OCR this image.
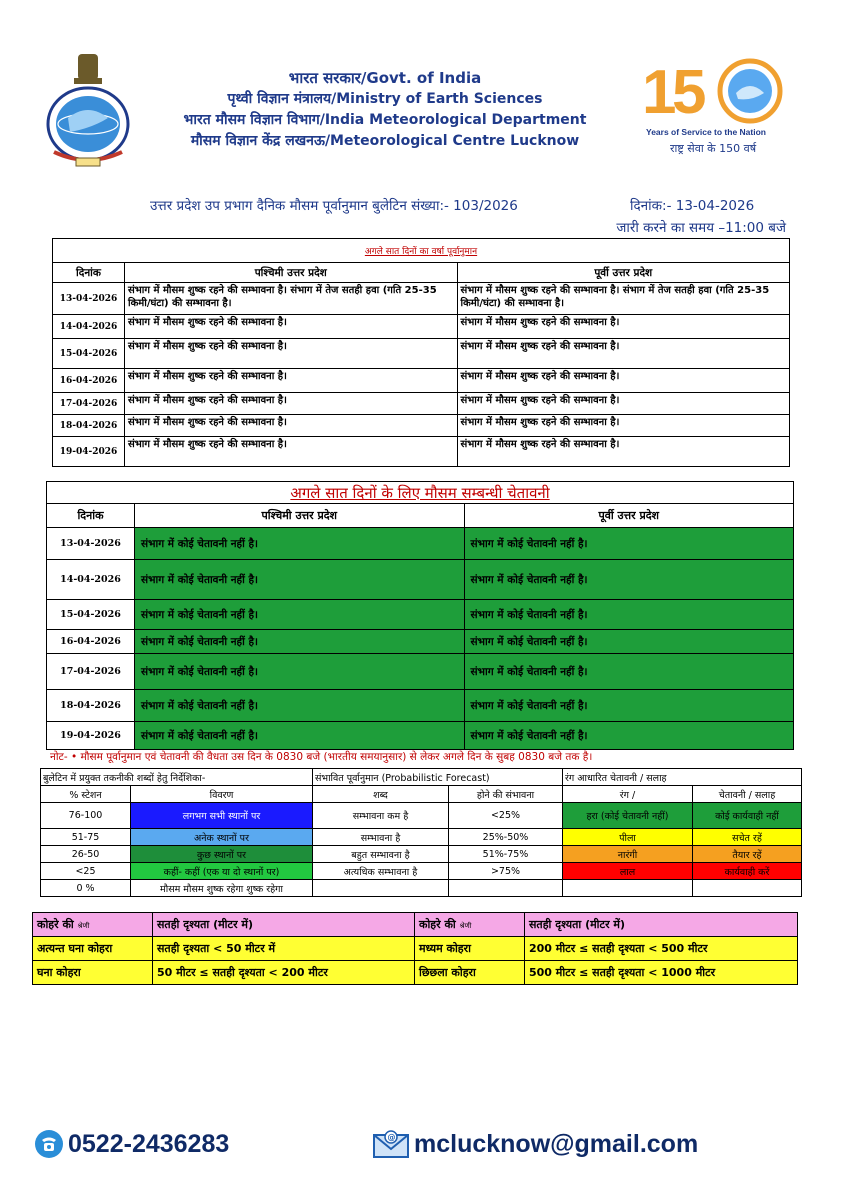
भारत सरकार/Govt. of India
पृथ्वी विज्ञान मंत्रालय/Ministry of Earth Sciences
भारत मौसम विज्ञान विभाग/India Meteorological Department
मौसम विज्ञान केंद्र लखनऊ/Meteorological Centre Lucknow
1
5
Years of Service to the Nation
राष्ट्र सेवा के 150 वर्ष
उत्तर प्रदेश उप प्रभाग दैनिक मौसम पूर्वानुमान बुलेटिन संख्या:- 103/2026	दिनांक:- 13-04-2026
जारी करने का समय –11:00 बजे
अगले सात दिनों का वर्षा पूर्वानुमान		
दिनांक	पश्चिमी उत्तर प्रदेश	पूर्वी उत्तर प्रदेश
13-04-2026	संभाग में मौसम शुष्क रहने की सम्भावना है। संभाग में तेज सतही हवा (गति 25-35 किमी/घंटा) की सम्भावना है।	संभाग में मौसम शुष्क रहने की सम्भावना है। संभाग में तेज सतही हवा (गति 25-35 किमी/घंटा) की सम्भावना है।
14-04-2026	संभाग में मौसम शुष्क रहने की सम्भावना है।	संभाग में मौसम शुष्क रहने की सम्भावना है।
15-04-2026	संभाग में मौसम शुष्क रहने की सम्भावना है।	संभाग में मौसम शुष्क रहने की सम्भावना है।
16-04-2026	संभाग में मौसम शुष्क रहने की सम्भावना है।	संभाग में मौसम शुष्क रहने की सम्भावना है।
17-04-2026	संभाग में मौसम शुष्क रहने की सम्भावना है।	संभाग में मौसम शुष्क रहने की सम्भावना है।
18-04-2026	संभाग में मौसम शुष्क रहने की सम्भावना है।	संभाग में मौसम शुष्क रहने की सम्भावना है।
19-04-2026	संभाग में मौसम शुष्क रहने की सम्भावना है।	संभाग में मौसम शुष्क रहने की सम्भावना है।
अगले सात दिनों के लिए मौसम सम्बन्धी चेतावनी		
दिनांक	पश्चिमी उत्तर प्रदेश	पूर्वी उत्तर प्रदेश
13-04-2026	संभाग में कोई चेतावनी नहीं है।	संभाग में कोई चेतावनी नहीं है।
14-04-2026	संभाग में कोई चेतावनी नहीं है।	संभाग में कोई चेतावनी नहीं है।
15-04-2026	संभाग में कोई चेतावनी नहीं है।	संभाग में कोई चेतावनी नहीं है।
16-04-2026	संभाग में कोई चेतावनी नहीं है।	संभाग में कोई चेतावनी नहीं है।
17-04-2026	संभाग में कोई चेतावनी नहीं है।	संभाग में कोई चेतावनी नहीं है।
18-04-2026	संभाग में कोई चेतावनी नहीं है।	संभाग में कोई चेतावनी नहीं है।
19-04-2026	संभाग में कोई चेतावनी नहीं है।	संभाग में कोई चेतावनी नहीं है।
नोट- • मौसम पूर्वानुमान एवं चेतावनी की वैधता उस दिन के 0830 बजे (भारतीय समयानुसार) से लेकर अगले दिन के सुबह 0830 बजे तक है।
बुलेटिन में प्रयुक्त तकनीकी शब्दों हेतु निर्देशिका-		संभावित पूर्वानुमान (Probabilistic Forecast)		रंग आधारित चेतावनी / सलाह	
% स्टेशन	विवरण	शब्द	होने की संभावना	रंग /	चेतावनी / सलाह
76-100	लगभग सभी स्थानों पर	सम्भावना कम है	<25%	हरा (कोई चेतावनी नहीं)	कोई कार्यवाही नहीं
51-75	अनेक स्थानों पर	सम्भावना है	25%-50%	पीला	सचेत रहें
26-50	कुछ स्थानों पर	बहुत सम्भावना है	51%-75%	नारंगी	तैयार रहें
<25	कहीं- कहीं (एक या दो स्थानों पर)	अत्यधिक सम्भावना है	>75%	लाल	कार्यवाही करें
0 %	मौसम मौसम शुष्क रहेगा शुष्क रहेगा				
कोहरे की श्रेणी	सतही दृश्यता (मीटर में)	कोहरे की श्रेणी	सतही दृश्यता (मीटर में)
अत्यन्त घना कोहरा	सतही दृश्यता < 50 मीटर में	मध्यम कोहरा	200 मीटर ≤ सतही दृश्यता < 500 मीटर
घना कोहरा	50 मीटर ≤ सतही दृश्यता < 200 मीटर	छिछला कोहरा	500 मीटर ≤ सतही दृश्यता < 1000 मीटर
0522-2436283	@ mclucknow@gmail.com
